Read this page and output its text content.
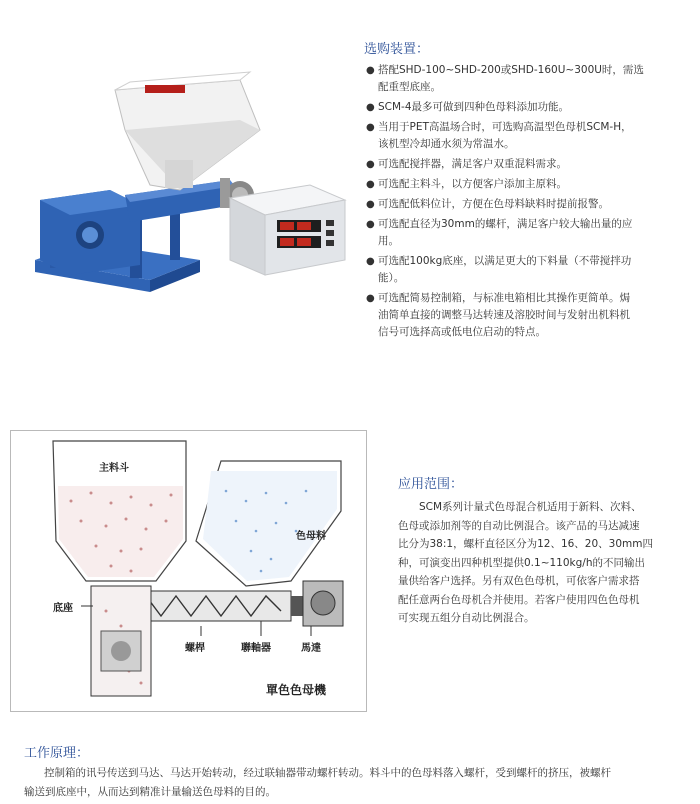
选购装置：
● 搭配SHD-100~SHD-200或SHD-160U~300U时，需选
配重型底座。
● SCM-4最多可做到四种色母料添加功能。
● 当用于PET高温场合时，可选购高温型色母机SCM-H，
该机型冷却通水须为常温水。
● 可选配搅拌器，满足客户双重混料需求。
● 可选配主料斗，以方便客户添加主原料。
● 可选配低料位计，方便在色母料缺料时提前报警。
● 可选配直径为30mm的螺杆，满足客户较大输出量的应
用。
● 可选配100kg底座，以满足更大的下料量（不带搅拌功
能）。
● 可选配简易控制箱，与标准电箱相比其操作更简单。焗
油简单直接的调整马达转速及溶胶时间与发射出机料机
信号可选择高或低电位启动的特点。
主料斗
色母料
底座
螺桿	聯軸器	馬達
單色色母機
应用范围：
SCM系列计量式色母混合机适用于新料、次料、
色母或添加剂等的自动比例混合。该产品的马达减速
比分为38:1，螺杆直径区分为12、16、20、30mm四
种，可演变出四种机型提供0.1~110kg/h的不同输出
量供给客户选择。另有双色色母机，可依客户需求搭
配任意两台色母机合并使用。若客户使用四色色母机
可实现五组分自动比例混合。
工作原理：
控制箱的讯号传送到马达、马达开始转动，经过联轴器带动螺杆转动。料斗中的色母料落入螺杆，受到螺杆的挤压，被螺杆
输送到底座中，从而达到精准计量输送色母料的目的。
